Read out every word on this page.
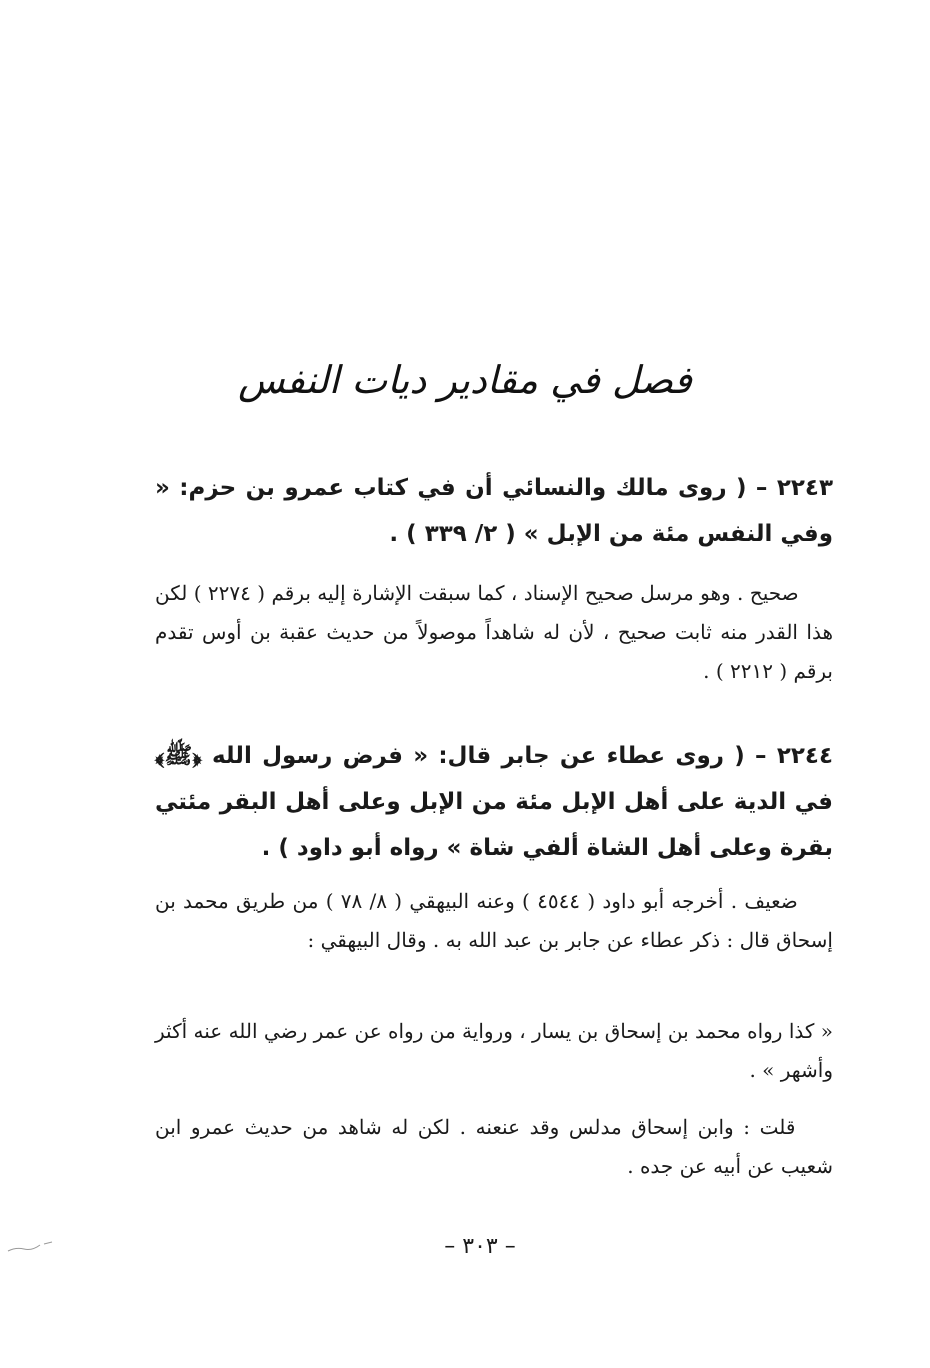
فصل في مقادير ديات النفس
٢٢٤٣ – ( روى مالك والنسائي أن في كتاب عمرو بن حزم: « وفي النفس مئة من الإبل » ( ٢/ ٣٣٩ ) .
صحيح . وهو مرسل صحيح الإسناد ، كما سبقت الإشارة إليه برقم ( ٢٢٧٤ ) لكن هذا القدر منه ثابت صحيح ، لأن له شاهداً موصولاً من حديث عقبة بن أوس تقدم برقم ( ٢٢١٢ ) .
٢٢٤٤ – ( روى عطاء عن جابر قال: « فرض رسول الله ﴿ﷺ﴾ في الدية على أهل الإبل مئة من الإبل وعلى أهل البقر مئتي بقرة وعلى أهل الشاة ألفي شاة » رواه أبو داود ) .
ضعيف . أخرجه أبو داود ( ٤٥٤٤ ) وعنه البيهقي ( ٨/ ٧٨ ) من طريق محمد بن إسحاق قال : ذكر عطاء عن جابر بن عبد الله به . وقال البيهقي :
« كذا رواه محمد بن إسحاق بن يسار ، ورواية من رواه عن عمر رضي الله عنه أكثر وأشهر » .
قلت : وابن إسحاق مدلس وقد عنعنه . لكن له شاهد من حديث عمرو ابن شعيب عن أبيه عن جده .
– ٣٠٣ –
